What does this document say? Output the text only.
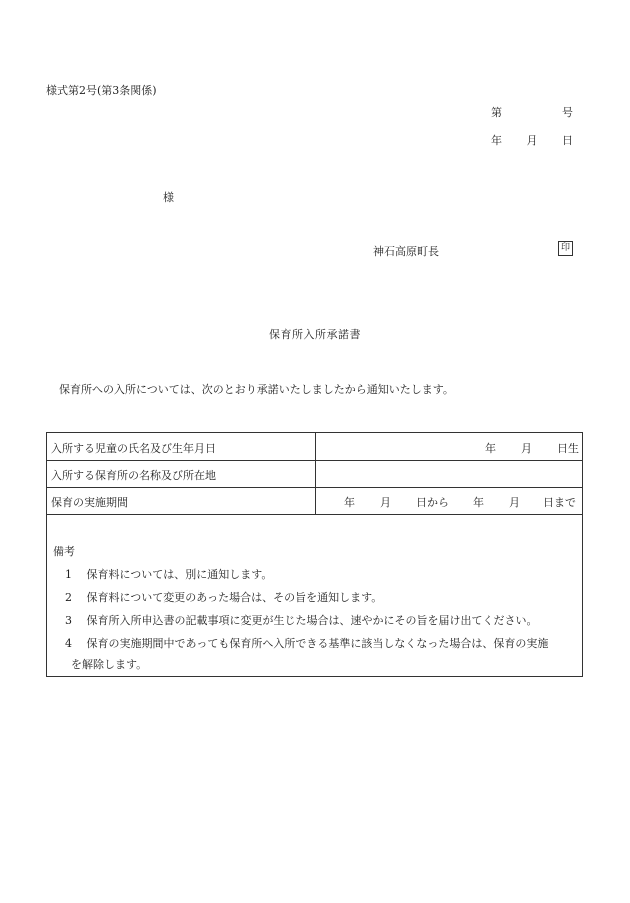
様式第2号(第3条関係)
第	号
年 月 日
様
神石高原町長	印
保育所入所承諾書
保育所への入所については、次のとおり承諾いたしましたから通知いたします。
入所する児童の氏名及び生年月日	年 月 日生
入所する保育所の名称及び所在地
保育の実施期間	年 月 日から 年 月 日まで
備考
1 保育料については、別に通知します。
2 保育料について変更のあった場合は、その旨を通知します。
3 保育所入所申込書の記載事項に変更が生じた場合は、速やかにその旨を届け出てください。
4 保育の実施期間中であっても保育所へ入所できる基準に該当しなくなった場合は、保育の実施
を解除します。
